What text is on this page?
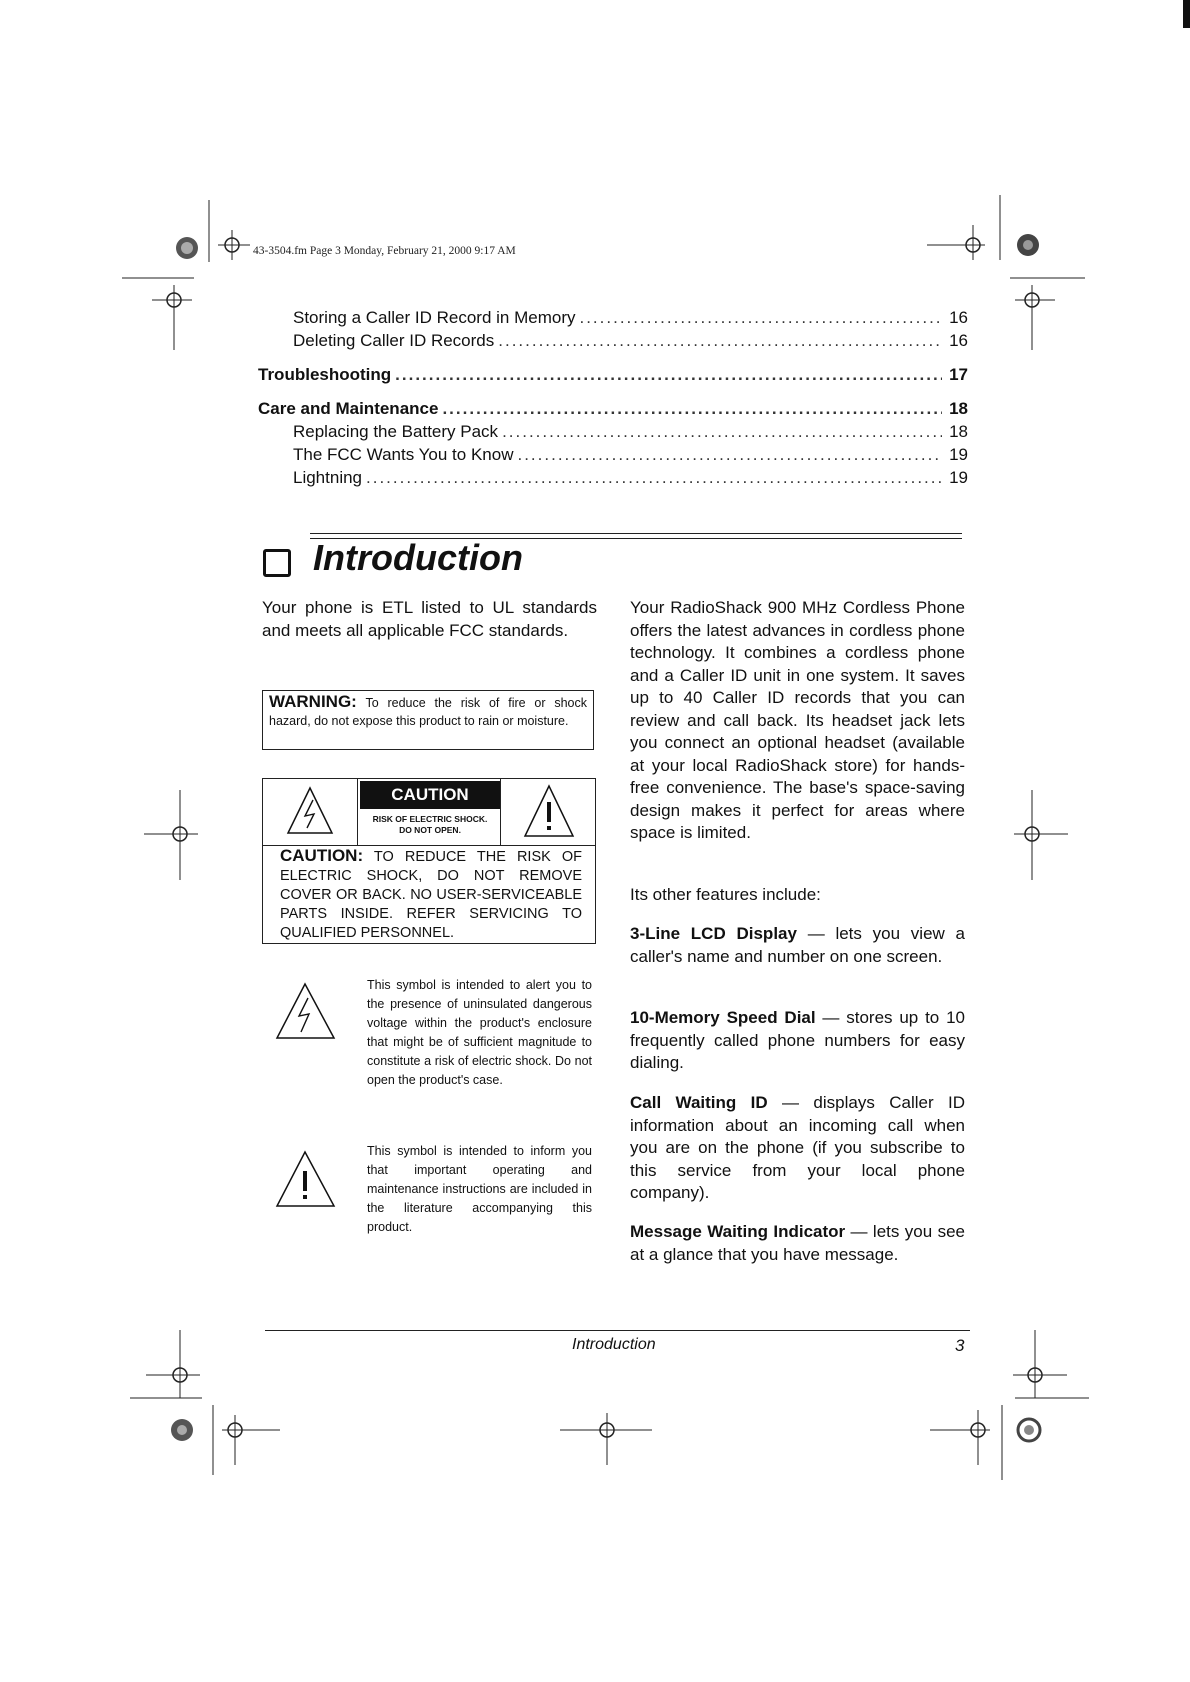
43-3504.fm Page 3 Monday, February 21, 2000 9:17 AM
Storing a Caller ID Record in Memory .....	16
Deleting Caller ID Records .....	16
Troubleshooting .....	17
Care and Maintenance .....	18
Replacing the Battery Pack .....	18
The FCC Wants You to Know .....	19
Lightning .....	19
Introduction
Your phone is ETL listed to UL standards and meets all applicable FCC standards.
WARNING: To reduce the risk of fire or shock hazard, do not expose this product to rain or moisture.
CAUTION
RISK OF ELECTRIC SHOCK.
DO NOT OPEN.
CAUTION: TO REDUCE THE RISK OF ELECTRIC SHOCK, DO NOT REMOVE COVER OR BACK. NO USER-SERVICEABLE PARTS INSIDE. REFER SERVICING TO QUALIFIED PERSONNEL.
This symbol is intended to alert you to the presence of uninsulated dangerous voltage within the product's enclosure that might be of sufficient magnitude to constitute a risk of electric shock. Do not open the product's case.
This symbol is intended to inform you that important operating and maintenance instructions are included in the literature accompanying this product.
Your RadioShack 900 MHz Cordless Phone offers the latest advances in cordless phone technology. It combines a cordless phone and a Caller ID unit in one system. It saves up to 40 Caller ID records that you can review and call back. Its headset jack lets you connect an optional headset (available at your local RadioShack store) for hands-free convenience. The base's space-saving design makes it perfect for areas where space is limited.
Its other features include:
3-Line LCD Display — lets you view a caller's name and number on one screen.
10-Memory Speed Dial — stores up to 10 frequently called phone numbers for easy dialing.
Call Waiting ID — displays Caller ID information about an incoming call when you are on the phone (if you subscribe to this service from your local phone company).
Message Waiting Indicator — lets you see at a glance that you have message.
Introduction	3
